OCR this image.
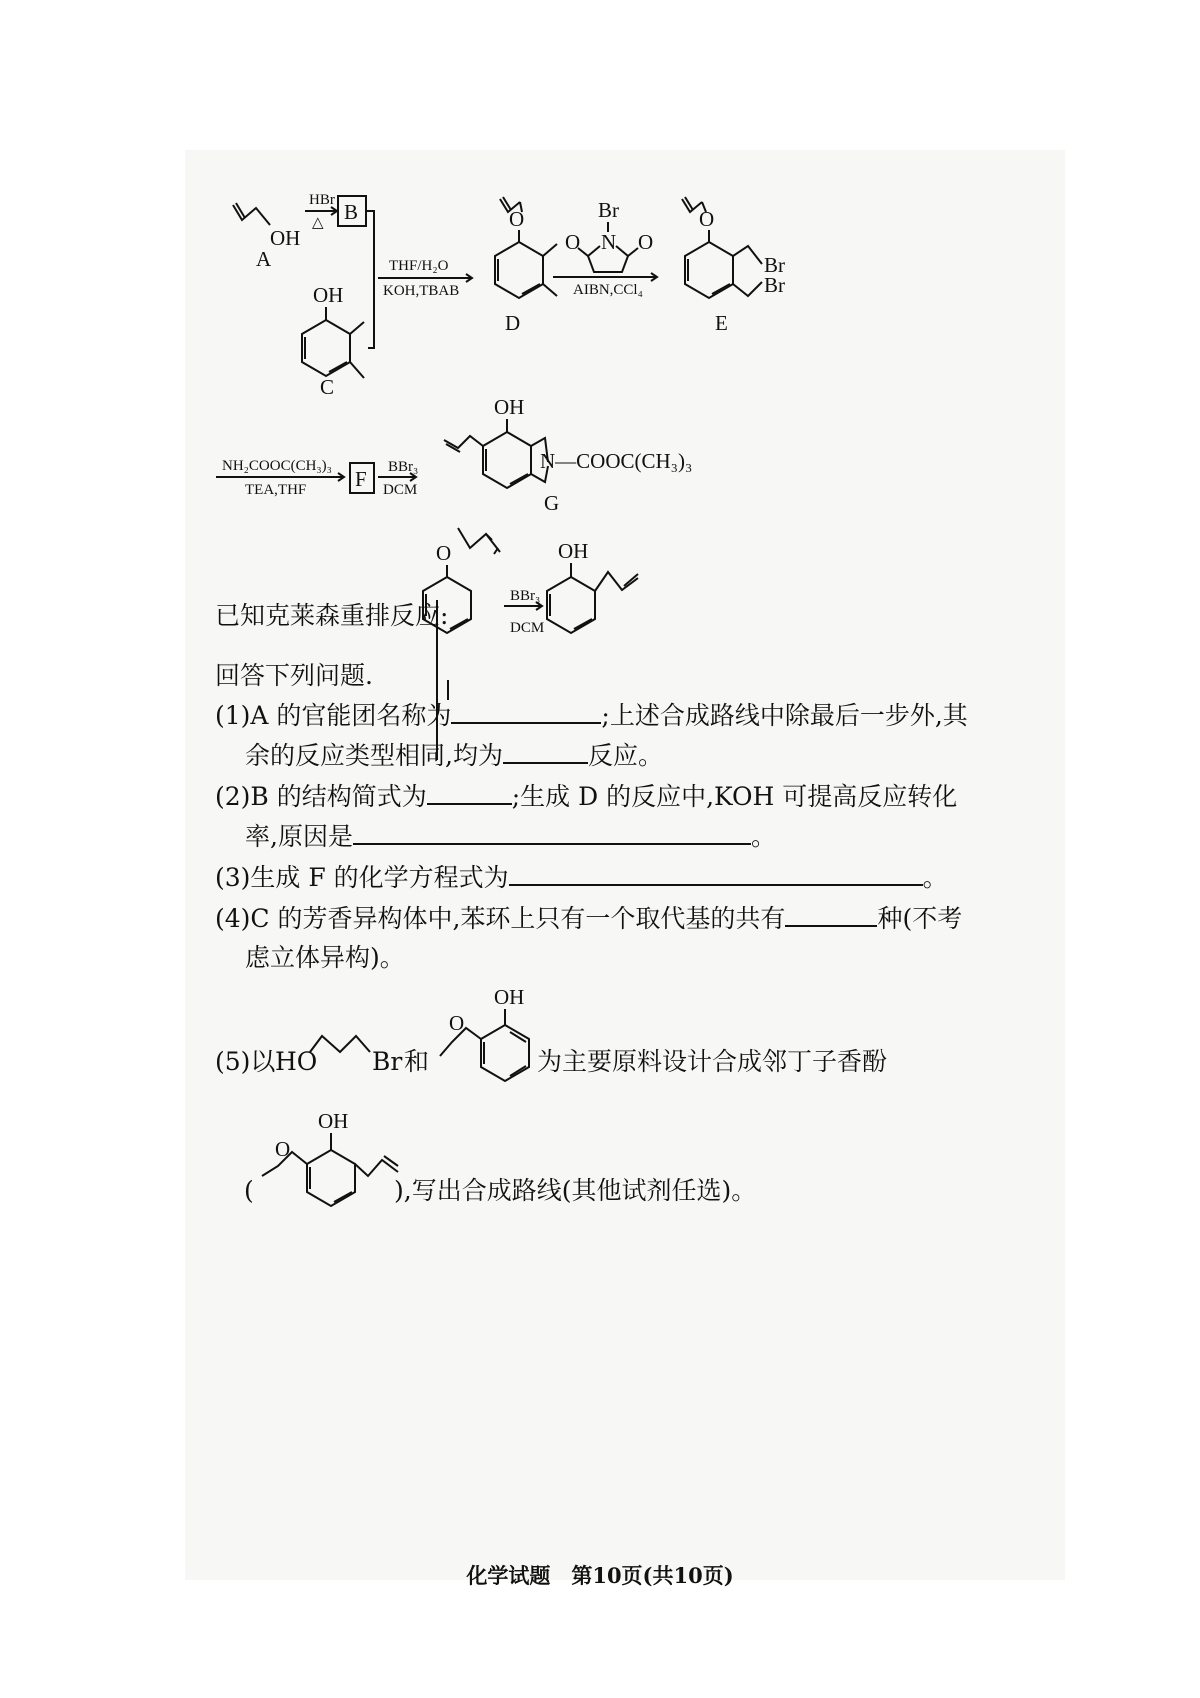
OH
A
HBr
△ B
OH
C
THF/H₂O
KOH,TBAB
O
D
Br
N
O	O
AIBN,CCl₄
O
Br
Br
E
NH₂COOC(CH₃)₃
TEA,THF F BBr₃
DCM
OH
N—COOC(CH₃)₃
G
O
BBr₃
DCM
OH
已知克莱森重排反应:
回答下列问题.
(1)A 的官能团名称为	;上述合成路线中除最后一步外,其
余的反应类型相同,均为	反应。
(2)B 的结构简式为	;生成 D 的反应中,KOH 可提高反应转化
率,原因是	。
(3)生成 F 的化学方程式为	。
(4)C 的芳香异构体中,苯环上只有一个取代基的共有	种(不考
虑立体异构)。
(5)以 HO Br 和	为主要原料设计合成邻丁子香酚
(	),写出合成路线(其他试剂任选)。
OH
O
OH
O
化学试题　第10页(共10页)
